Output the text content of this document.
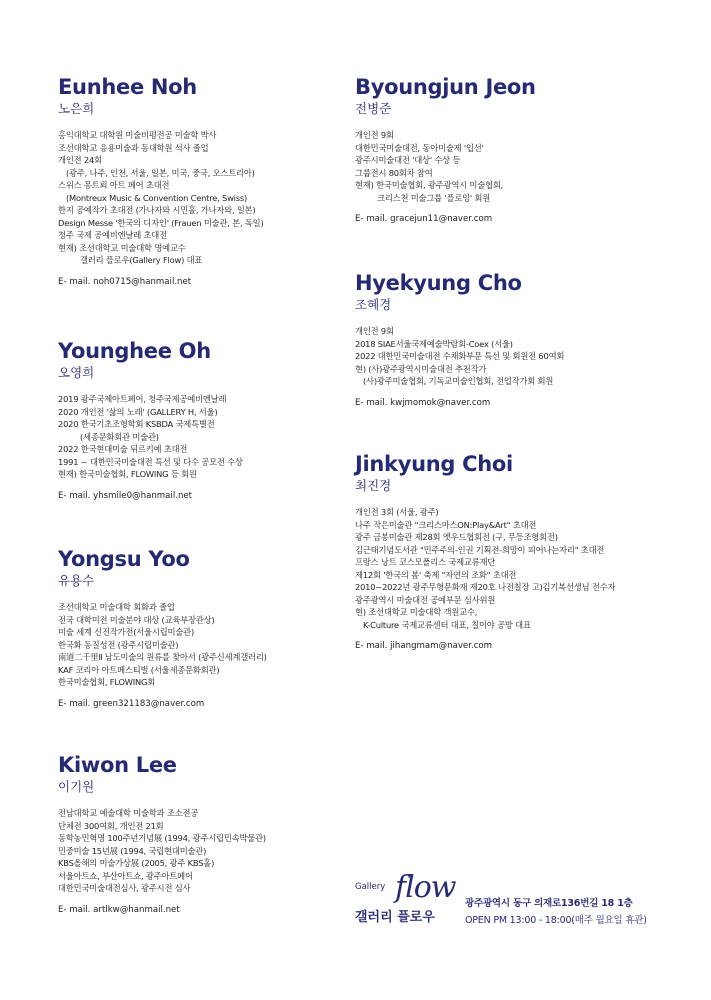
Eunhee Noh
노은희
홍익대학교 대학원 미술비평전공 미술학 박사
조선대학교 응용미술과 동대학원 석사 졸업
개인전 24회
(광주, 나주, 인천, 서울, 일본, 미국, 중국, 오스트리아)
스위스 몽트뢰 아트 페어 초대전
(Montreux Music & Convention Centre, Swiss)
한지 공예작가 초대전 (가나자와 시민홀, 가나자와, 일본)
Design Messe '한국의 디자인' (Frauen 미술관, 본, 독일)
청주 국제 공예비엔날레 초대전
현재) 조선대학교 미술대학 명예교수
갤러리 플로우(Gallery Flow) 대표
E- mail. noh0715@hanmail.net
Younghee Oh
오영희
2019 광주국제아트페어, 청주국제공예비엔날레
2020 개인전 '삶의 노래' (GALLERY H, 서울)
2020 한국기초조형학회 KSBDA 국제특별전
(세종문화회관 미술관)
2022 한국현대미술 뒤르키예 초대전
1991 ~ 대한민국미술대전 특선 및 다수 공모전 수상
현재) 한국미술협회, FLOWING 등 회원
E- mail. yhsmile0@hanmail.net
Yongsu Yoo
유용수
조선대학교 미술대학 회화과 졸업
전국 대학미전 미술분야 대상 (교육부장관상)
미술 세계 신진작가전(서울시립미술관)
한국화 동질성전 (광주시립미술관)
南道二千里Ⅱ 남도미술의 원류를 찾아서 (광주신세계갤러리)
KAF 코리아 아트페스티벌 (서울세종문화회관)
한국미술협회, FLOWING회
E- mail. green321183@naver.com
Kiwon Lee
이기원
전남대학교 예술대학 미술학과 조소전공
단체전 300여회, 개인전 21회
동학농민혁명 100주년기념展 (1994, 광주시립민속박물관)
민중미술 15년展 (1994, 국립현대미술관)
KBS올해의 미술가상展 (2005, 광주 KBS홀)
서울아트쇼, 부산아트쇼, 광주아트페어
대한민국미술대전심사, 광주시전 심사
E- mail. artlkw@hanmail.net
Byoungjun Jeon
전병준
개인전 9회
대한민국미술대전, 동아미술제 '입선'
광주시미술대전 '대상' 수상 등
그룹전시 80회차 참여
현재) 한국미술협회, 광주광역시 미술협회,
크리스천 미술그룹 '플로잉' 회원
E- mail. gracejun11@naver.com
Hyekyung Cho
조혜경
개인전 9회
2018 SIAE서울국제예술박람회-Coex (서울)
2022 대한민국미술대전 수채화부문 특선 및 회원전 60여회
현) (사)광주광역시미술대전 추천작가
(사)광주미술협회, 기독교미술인협회, 전업작가회 회원
E- mail. kwjmomok@naver.com
Jinkyung Choi
최진경
개인전 3회 (서울, 광주)
나주 작은미술관 "크리스마스ON:Play&Art" 초대전
광주 금봉미술관 제28회 엣우드협회전 (구, 무등조형회전)
김근태기념도서관 "민주주의-인권 기획전-희망이 피어나는자리" 초대전
프랑스 낭트 코스모폴리스 국제교류재단
제12회 '한국의 봄' 축제 "자연의 조화" 초대전
2010~2022년 광주무형문화재 제20호 나전칠장 고)김기복선생님 전수자
광주광역시 미술대전 공예부문 심사위원
현) 조선대학교 미술대학 객원교수,
K-Culture 국제교류센터 대표, 칠이야 공방 대표
E- mail. jihangmam@naver.com
Gallery flow
갤러리 플로우
광주광역시 동구 의재로136번길 18 1층
OPEN PM 13:00 - 18:00(매주 월요일 휴관)
